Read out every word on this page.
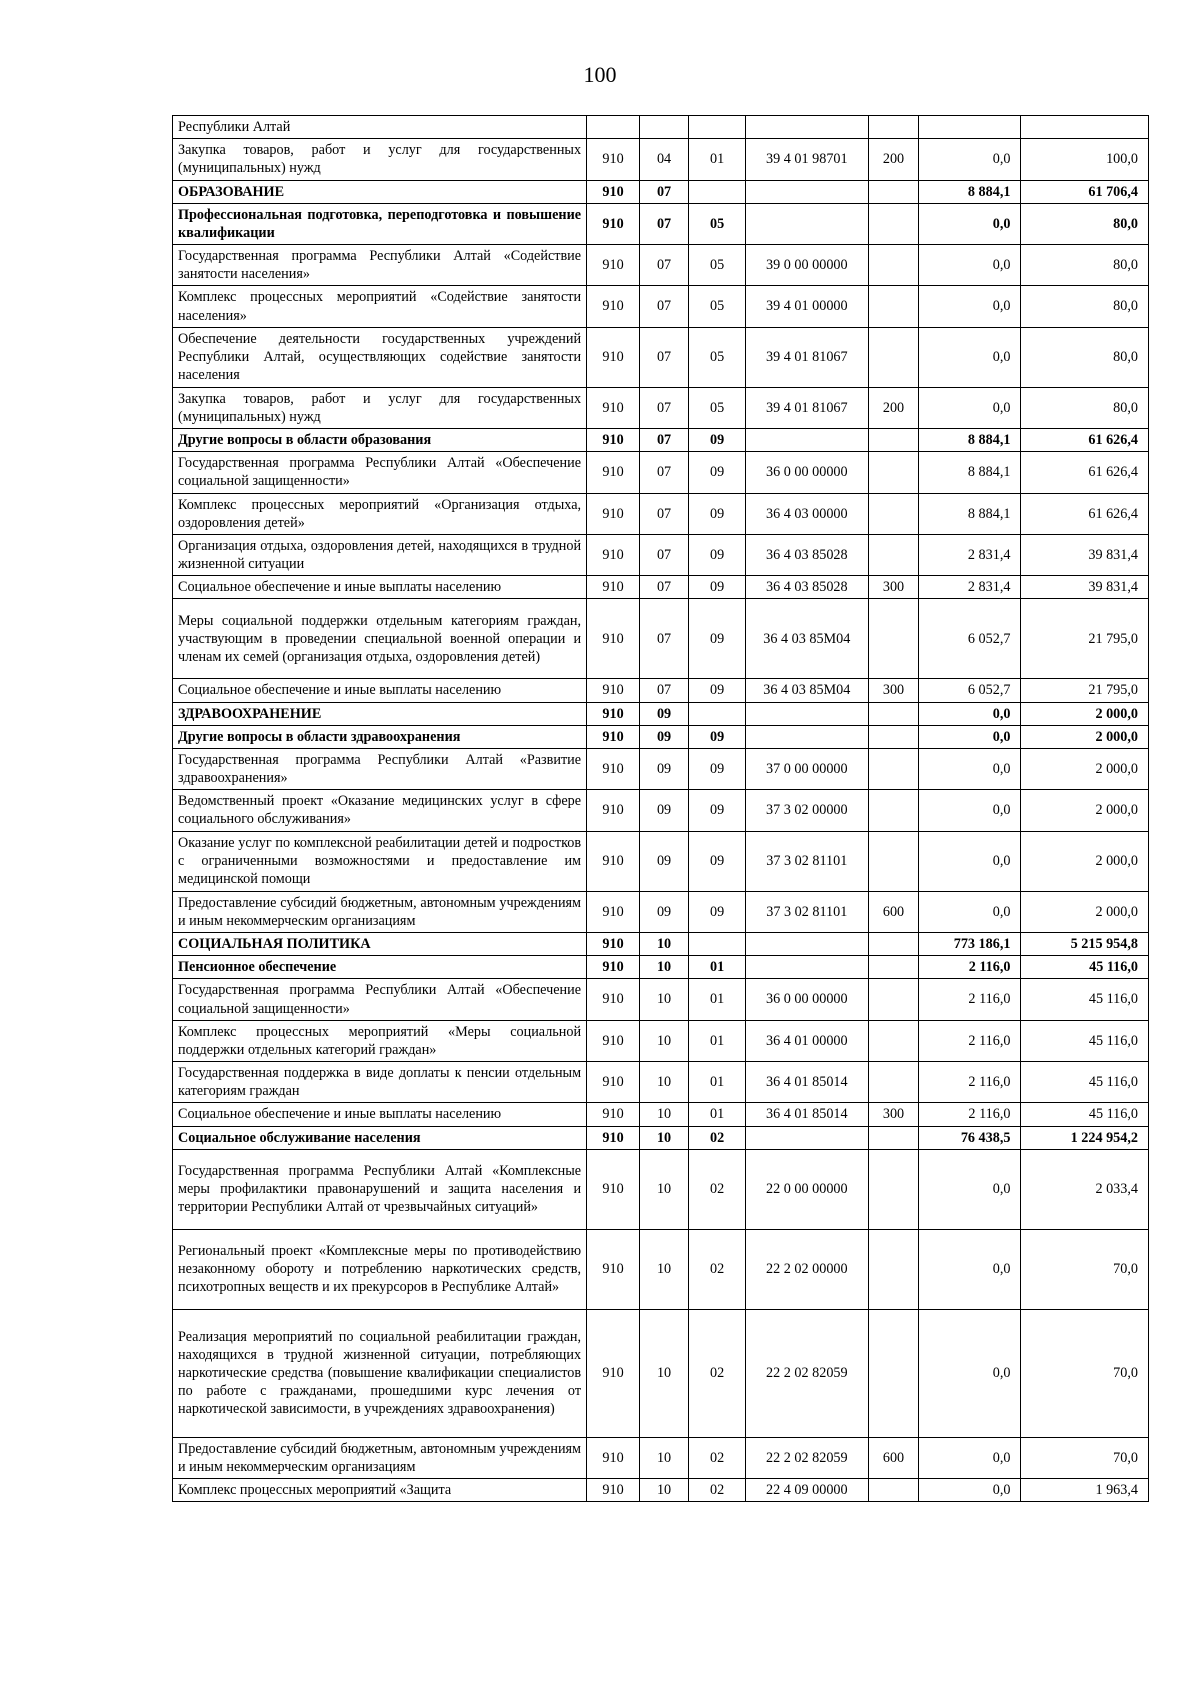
100
Республики Алтай							
Закупка товаров, работ и услуг для государственных (муниципальных) нужд	910	04	01	39 4 01 98701	200	0,0	100,0
ОБРАЗОВАНИЕ	910	07				8 884,1	61 706,4
Профессиональная подготовка, переподготовка и повышение квалификации	910	07	05			0,0	80,0
Государственная программа Республики Алтай «Содействие занятости населения»	910	07	05	39 0 00 00000		0,0	80,0
Комплекс процессных мероприятий «Содействие занятости населения»	910	07	05	39 4 01 00000		0,0	80,0
Обеспечение деятельности государственных учреждений Республики Алтай, осуществляющих содействие занятости населения	910	07	05	39 4 01 81067		0,0	80,0
Закупка товаров, работ и услуг для государственных (муниципальных) нужд	910	07	05	39 4 01 81067	200	0,0	80,0
Другие вопросы в области образования	910	07	09			8 884,1	61 626,4
Государственная программа Республики Алтай «Обеспечение социальной защищенности»	910	07	09	36 0 00 00000		8 884,1	61 626,4
Комплекс процессных мероприятий «Организация отдыха, оздоровления детей»	910	07	09	36 4 03 00000		8 884,1	61 626,4
Организация отдыха, оздоровления детей, находящихся в трудной жизненной ситуации	910	07	09	36 4 03 85028		2 831,4	39 831,4
Социальное обеспечение и иные выплаты населению	910	07	09	36 4 03 85028	300	2 831,4	39 831,4
Меры социальной поддержки отдельным категориям граждан, участвующим в проведении специальной военной операции и членам их семей (организация отдыха, оздоровления детей)	910	07	09	36 4 03 85М04		6 052,7	21 795,0
Социальное обеспечение и иные выплаты населению	910	07	09	36 4 03 85М04	300	6 052,7	21 795,0
ЗДРАВООХРАНЕНИЕ	910	09				0,0	2 000,0
Другие вопросы в области здравоохранения	910	09	09			0,0	2 000,0
Государственная программа Республики Алтай «Развитие здравоохранения»	910	09	09	37 0 00 00000		0,0	2 000,0
Ведомственный проект «Оказание медицинских услуг в сфере социального обслуживания»	910	09	09	37 3 02 00000		0,0	2 000,0
Оказание услуг по комплексной реабилитации детей и подростков с ограниченными возможностями и предоставление им медицинской помощи	910	09	09	37 3 02 81101		0,0	2 000,0
Предоставление субсидий бюджетным, автономным учреждениям и иным некоммерческим организациям	910	09	09	37 3 02 81101	600	0,0	2 000,0
СОЦИАЛЬНАЯ ПОЛИТИКА	910	10				773 186,1	5 215 954,8
Пенсионное обеспечение	910	10	01			2 116,0	45 116,0
Государственная программа Республики Алтай «Обеспечение социальной защищенности»	910	10	01	36 0 00 00000		2 116,0	45 116,0
Комплекс процессных мероприятий «Меры социальной поддержки отдельных категорий граждан»	910	10	01	36 4 01 00000		2 116,0	45 116,0
Государственная поддержка в виде доплаты к пенсии отдельным категориям граждан	910	10	01	36 4 01 85014		2 116,0	45 116,0
Социальное обеспечение и иные выплаты населению	910	10	01	36 4 01 85014	300	2 116,0	45 116,0
Социальное обслуживание населения	910	10	02			76 438,5	1 224 954,2
Государственная программа Республики Алтай «Комплексные меры профилактики правонарушений и защита населения и территории Республики Алтай от чрезвычайных ситуаций»	910	10	02	22 0 00 00000		0,0	2 033,4
Региональный проект «Комплексные меры по противодействию незаконному обороту и потреблению наркотических средств, психотропных веществ и их прекурсоров в Республике Алтай»	910	10	02	22 2 02 00000		0,0	70,0
Реализация мероприятий по социальной реабилитации граждан, находящихся в трудной жизненной ситуации, потребляющих наркотические средства (повышение квалификации специалистов по работе с гражданами, прошедшими курс лечения от наркотической зависимости, в учреждениях здравоохранения)	910	10	02	22 2 02 82059		0,0	70,0
Предоставление субсидий бюджетным, автономным учреждениям и иным некоммерческим организациям	910	10	02	22 2 02 82059	600	0,0	70,0
Комплекс процессных мероприятий «Защита	910	10	02	22 4 09 00000		0,0	1 963,4
